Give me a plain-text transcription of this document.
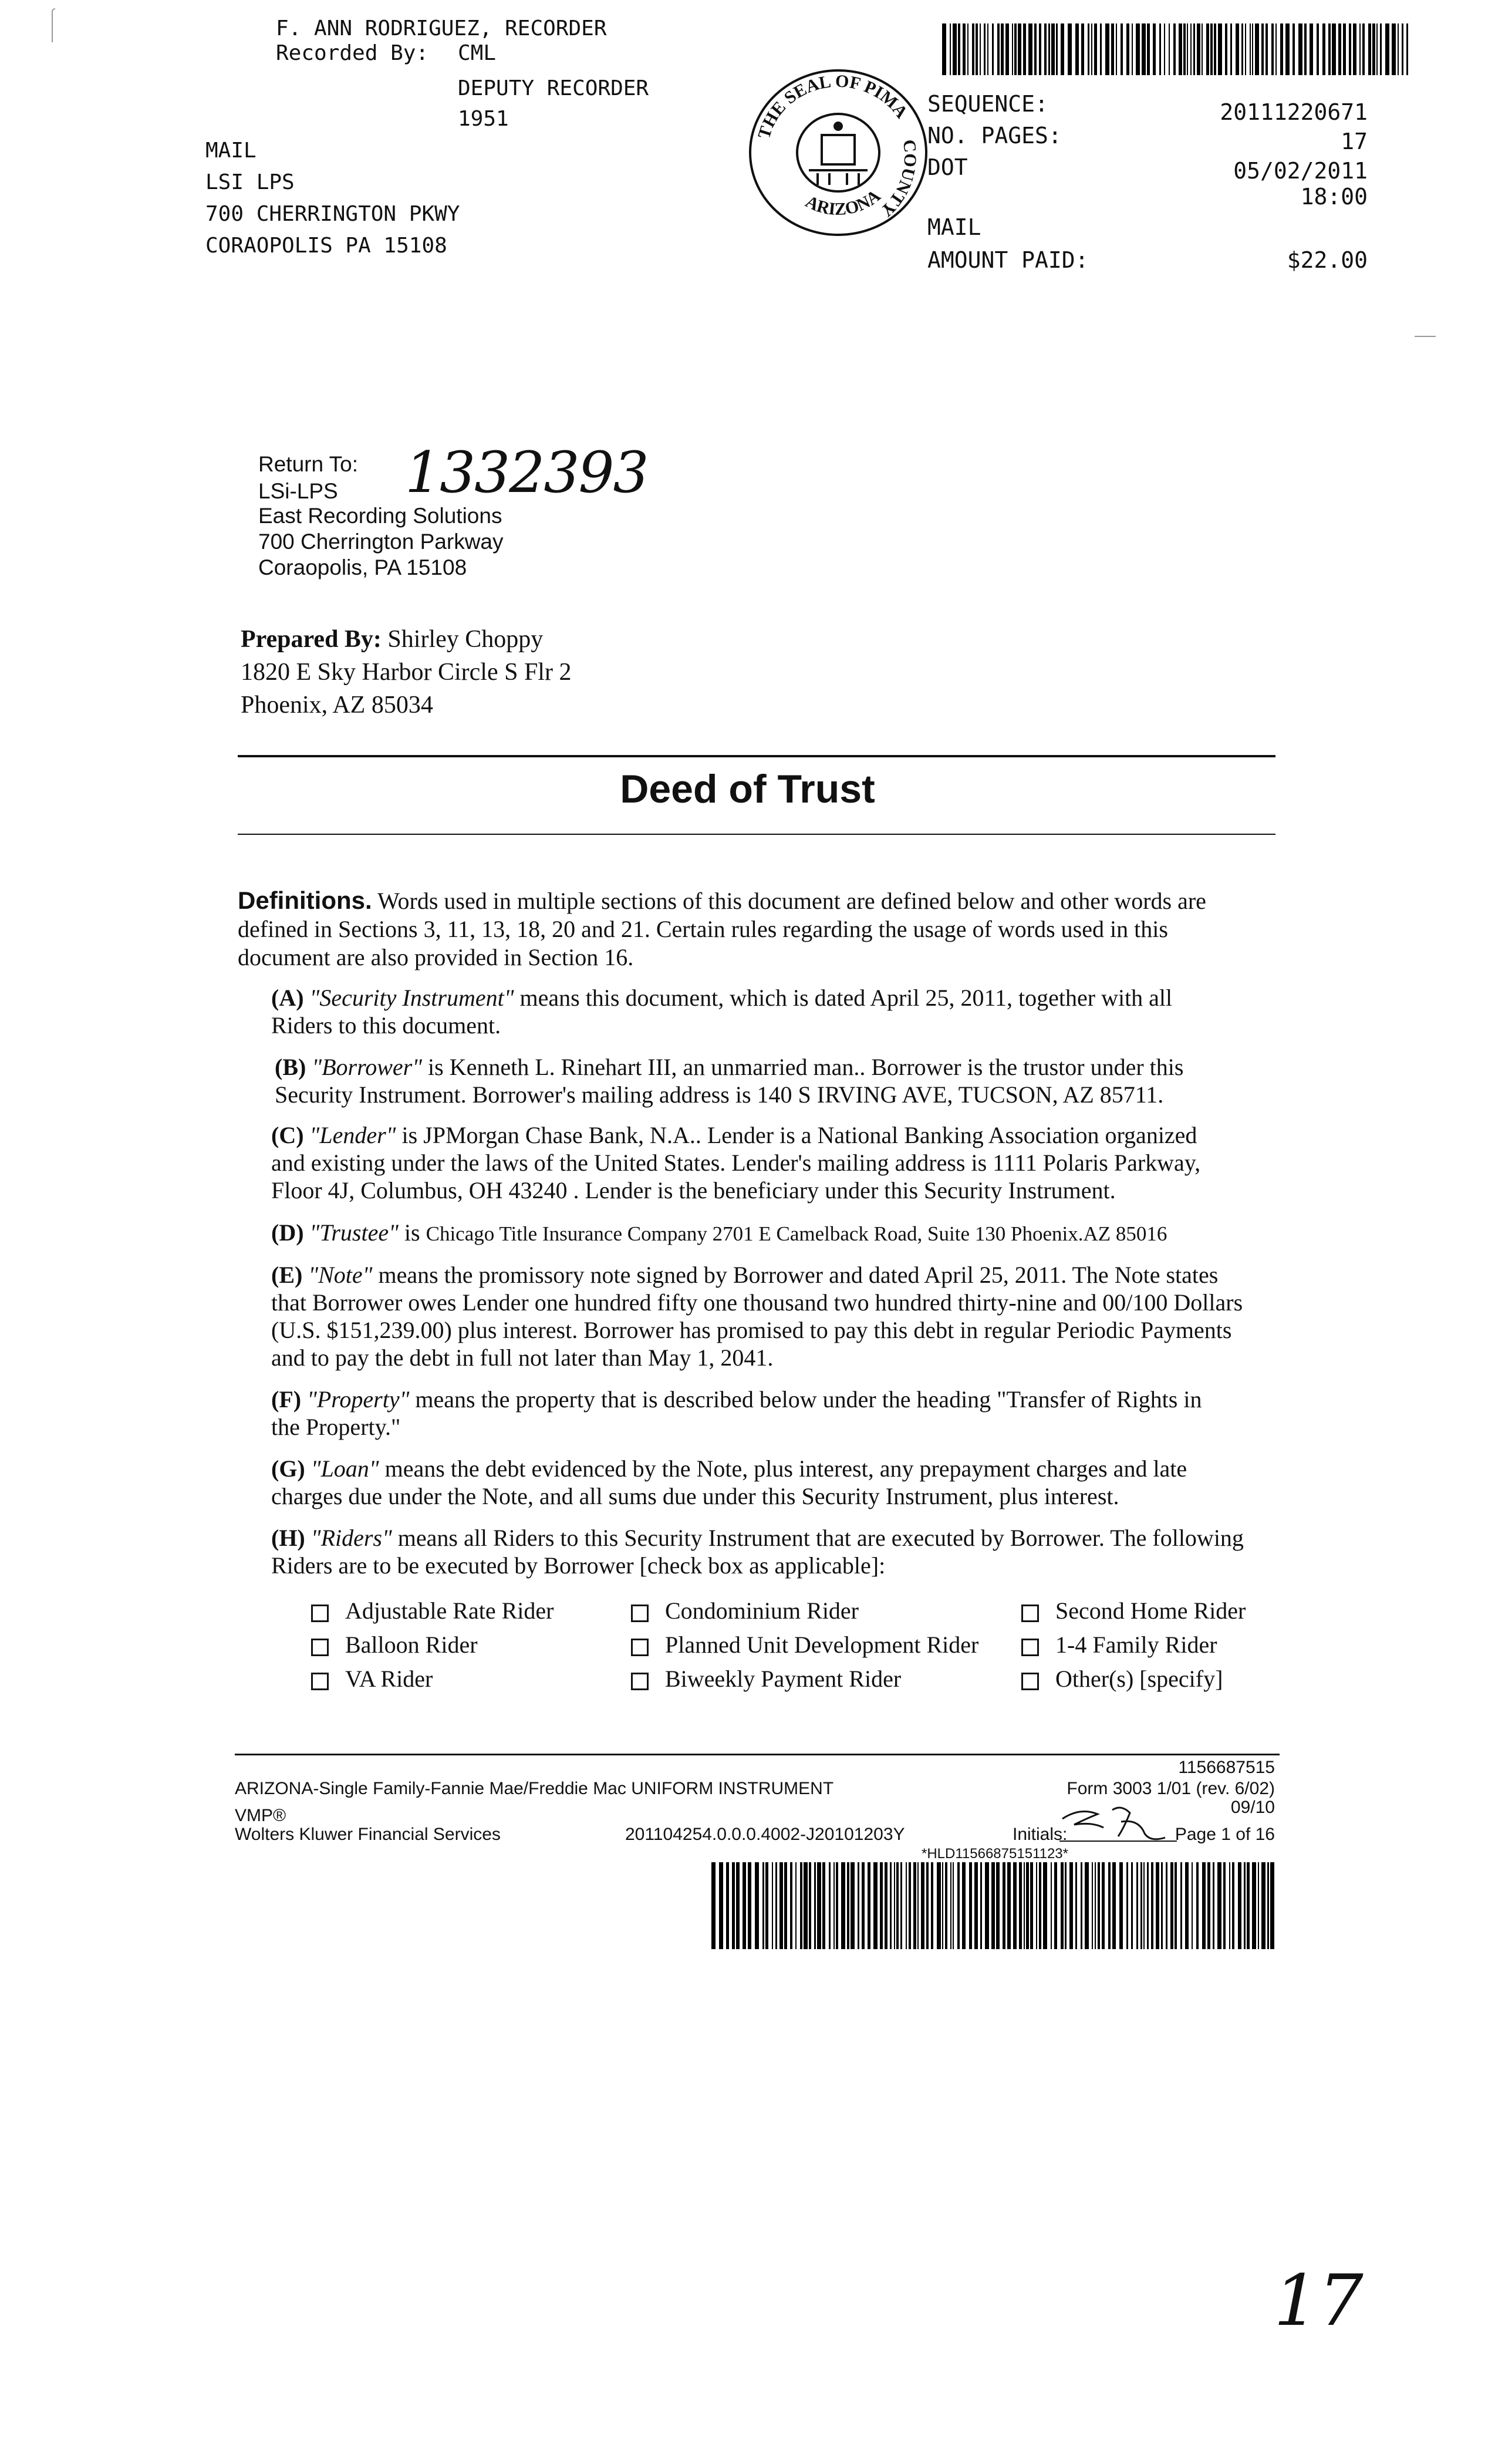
F. ANN RODRIGUEZ, RECORDER
Recorded By: CML
DEPUTY RECORDER
1951
MAIL
LSI LPS
700 CHERRINGTON PKWY
CORAOPOLIS PA 15108
THE SEAL OF PIMA
COUNTY
ARIZONA
SEQUENCE:	20111220671
NO. PAGES:	17
DOT	05/02/2011
18:00
MAIL
AMOUNT PAID:	$22.00
Return To:
LSi-LPS 1332393
East Recording Solutions
700 Cherrington Parkway
Coraopolis, PA 15108
Prepared By: Shirley Choppy
1820 E Sky Harbor Circle S Flr 2
Phoenix, AZ 85034
Deed of Trust
Definitions. Words used in multiple sections of this document are defined below and other words are
defined in Sections 3, 11, 13, 18, 20 and 21. Certain rules regarding the usage of words used in this
document are also provided in Section 16.
(A) "Security Instrument" means this document, which is dated April 25, 2011, together with all
Riders to this document.
(B) "Borrower" is Kenneth L. Rinehart III, an unmarried man.. Borrower is the trustor under this
Security Instrument. Borrower's mailing address is 140 S IRVING AVE, TUCSON, AZ 85711.
(C) "Lender" is JPMorgan Chase Bank, N.A.. Lender is a National Banking Association organized
and existing under the laws of the United States. Lender's mailing address is 1111 Polaris Parkway,
Floor 4J, Columbus, OH 43240 . Lender is the beneficiary under this Security Instrument.
(D) "Trustee" is Chicago Title Insurance Company 2701 E Camelback Road, Suite 130 Phoenix.AZ 85016
(E) "Note" means the promissory note signed by Borrower and dated April 25, 2011. The Note states
that Borrower owes Lender one hundred fifty one thousand two hundred thirty-nine and 00/100 Dollars
(U.S. $151,239.00) plus interest. Borrower has promised to pay this debt in regular Periodic Payments
and to pay the debt in full not later than May 1, 2041.
(F) "Property" means the property that is described below under the heading "Transfer of Rights in
the Property."
(G) "Loan" means the debt evidenced by the Note, plus interest, any prepayment charges and late
charges due under the Note, and all sums due under this Security Instrument, plus interest.
(H) "Riders" means all Riders to this Security Instrument that are executed by Borrower. The following
Riders are to be executed by Borrower [check box as applicable]:
Adjustable Rate Rider	Condominium Rider	Second Home Rider
Balloon Rider	Planned Unit Development Rider	1-4 Family Rider
VA Rider	Biweekly Payment Rider	Other(s) [specify]
1156687515
ARIZONA-Single Family-Fannie Mae/Freddie Mac UNIFORM INSTRUMENT	Form 3003 1/01 (rev. 6/02)
09/10
VMP®
Wolters Kluwer Financial Services	201104254.0.0.0.4002-J20101203Y	Initials:	Page 1 of 16
*HLD11566875151123*
17
